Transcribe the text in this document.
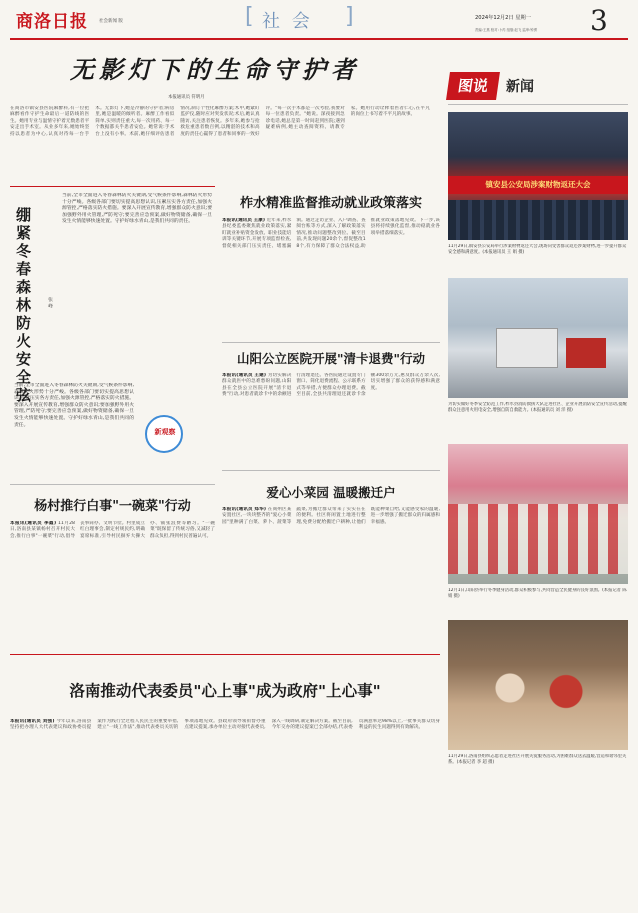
商洛日报 社会新闻 版	[ 社 会 ]	2024年12月2日 星期一
责编:王燕 校对:卜芮 组版:赵飞 监审:钟勇 3
无影灯下的生命守护者
本报通讯员 符明月
在商洛市镇安县医院麻醉科,有一位把麻醉看作守护生命最后一道防线的医生。她用专业与温情守护着无数患者平安走出手术室。从业多年来,她始终坚持以患者为中心,认真对待每一台手术。无影灯下,她是冷静的守护者;病房里,她是温暖的倾听者。麻醉工作看似简单,实则责任重大,每一次用药、每一个数据都关乎患者安危。她常说:手术台上没有小事。术前,她仔细评估患者情况,制订个性化麻醉方案;术中,她紧盯监护仪,随时应对突发状况;术后,她认真随访,关注患者恢复。多年来,她参与抢救危重患者数百例,以精湛的技术和高度的责任心赢得了患者和同事的一致好评。"每一次手术都是一次考验,我要对每一位患者负责。"她说。深夜接到急诊电话,她总是第一时间赶到医院;遇到疑难病例,她主动查阅资料、请教专家。她用行动诠释着医者仁心,在平凡的岗位上书写着不平凡的故事。
图说	新闻
镇安县公安局涉案财物返还大会
11月29日,镇安县公安局举行涉案财物返还大会,现场向受害群众返还涉案财物,进一步提升群众安全感和满意度。(本报通讯员 王 娟 摄)
为切实做好冬季安全防范工作,柞水县消防救援大队走进社区、企业开展消防安全宣传活动,提醒群众注意用火用电安全,增强自防自救能力。(本报通讯员 刘 洋 摄)
12月1日,山阳县举行冬季健身活动,群众积极参与,共同营造全民健身的良好氛围。(本报记者 陈 娟 摄)
11月29日,洛南县组织志愿者走进社区开展关爱服务活动,为困难群众送去温暖,营造和谐邻里关系。(本报记者 李 超 摄)
绷紧冬春森林防火安全弦	张 峰
当前,全市全面进入冬春森林防火关键期,受气候条件影响,森林防火形势十分严峻。各级各部门要切实提高思想认识,压紧压实各方责任,加强火源管控,严格落实防火措施。要深入开展宣传教育,增强群众防火意识;要加强野外用火管理,严防死守;要完善应急预案,做好物资储备,确保一旦发生火情能够快速处置。守护好绿水青山,是我们共同的责任。
当前,全市全面进入冬春森林防火关键期,受气候条件影响,森林防火形势十分严峻。各级各部门要切实提高思想认识,压紧压实各方责任,加强火源管控,严格落实防火措施。要深入开展宣传教育,增强群众防火意识;要加强野外用火管理,严防死守;要完善应急预案,做好物资储备,确保一旦发生火情能够快速处置。守护好绿水青山,是我们共同的责任。
新观察
柞水精准监督推动就业政策落实
本报讯(通讯员 王康) 近年来,柞水县纪委监委聚焦就业政策落实,紧盯就业补贴资金发放、职业技能培训等关键环节,开展专项监督检查,督促相关部门压实责任、堵塞漏洞。通过走访企业、入户调查、查阅台账等方式,深入了解政策落实情况,推动问题整改到位。截至目前,共发现问题20余个,督促整改18个,有力保障了群众合法权益,助推就业政策落地见效。下一步,该县将持续强化监督,推动稳就业各项举措落细落实。
山阳公立医院开展"清卡退费"行动
本报讯(通讯员 王建) 为切实解决群众就医中的急难愁盼问题,山阳县在全县公立医院开展"清卡退费"行动,对患者就诊卡中的余额进行清理退还。各医院通过设置专门窗口、简化退费流程、公示联系方式等举措,方便群众办理退费。截至目前,全县共清理退还就诊卡余额300余万元,惠及群众万余人次,切实增强了群众的获得感和满意度。
杨村推行白事"一碗菜"行动
本报讯(通讯员 李霞) 11月28日,洛南县某镇杨村召开村民大会,推行白事"一碗菜"行动,倡导丧事简办、文明节俭。村里成立红白理事会,制定村规民约,明确宴席标准,引导村民摒弃大操大办、铺张浪费等陋习。"一碗菜"既保留了传统习俗,又减轻了群众负担,得到村民普遍认可。
爱心小菜园 温暖搬迁户
本报讯(通讯员 郑华) 在商州区某安置社区,一块块整齐的"爱心小菜园"里种满了白菜、萝卜、菠菜等蔬菜,为搬迁群众带来了实实在在的便利。社区将闲置土地进行整理,免费分配给搬迁户耕种,让他们既能种菜自给,又能感受家的温暖,进一步增强了搬迁群众的归属感和幸福感。
洛南推动代表委员"心上事"成为政府"上心事"
本报讯(通讯员 刘强) 今年以来,洛南县坚持把办理人大代表建议和政协委员提案作为践行全过程人民民主的重要举措,建立"一线工作法",推动代表委员关切的事项落地见效。县政府领导领衔督办重点建议提案,承办单位主动对接代表委员,深入一线调研,制定解决方案。截至目前,今年交办的建议提案已全部办结,代表委员满意率达98%以上,一批事关群众切身利益的民生问题得到有效解决。
